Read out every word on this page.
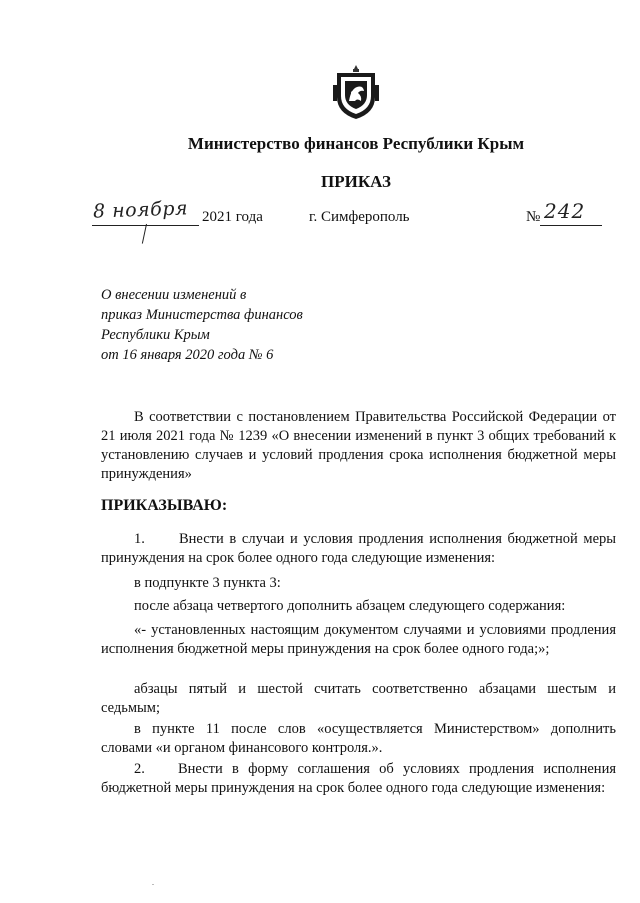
Министерство финансов Республики Крым
ПРИКАЗ
8 ноября 2021 года	г. Симферополь	№ 242
О внесении изменений в
приказ Министерства финансов
Республики Крым
от 16 января 2020 года № 6
В соответствии с постановлением Правительства Российской Федерации от 21 июля 2021 года № 1239 «О внесении изменений в пункт 3 общих требований к установлению случаев и условий продления срока исполнения бюджетной меры принуждения»
ПРИКАЗЫВАЮ:
1. Внести в случаи и условия продления исполнения бюджетной меры принуждения на срок более одного года следующие изменения:
в подпункте 3 пункта 3:
после абзаца четвертого дополнить абзацем следующего содержания:
«- установленных настоящим документом случаями и условиями продления исполнения бюджетной меры принуждения на срок более одного года;»;
абзацы пятый и шестой считать соответственно абзацами шестым и седьмым;
в пункте 11 после слов «осуществляется Министерством» дополнить словами «и органом финансового контроля.».
2. Внести в форму соглашения об условиях продления исполнения бюджетной меры принуждения на срок более одного года следующие изменения:
